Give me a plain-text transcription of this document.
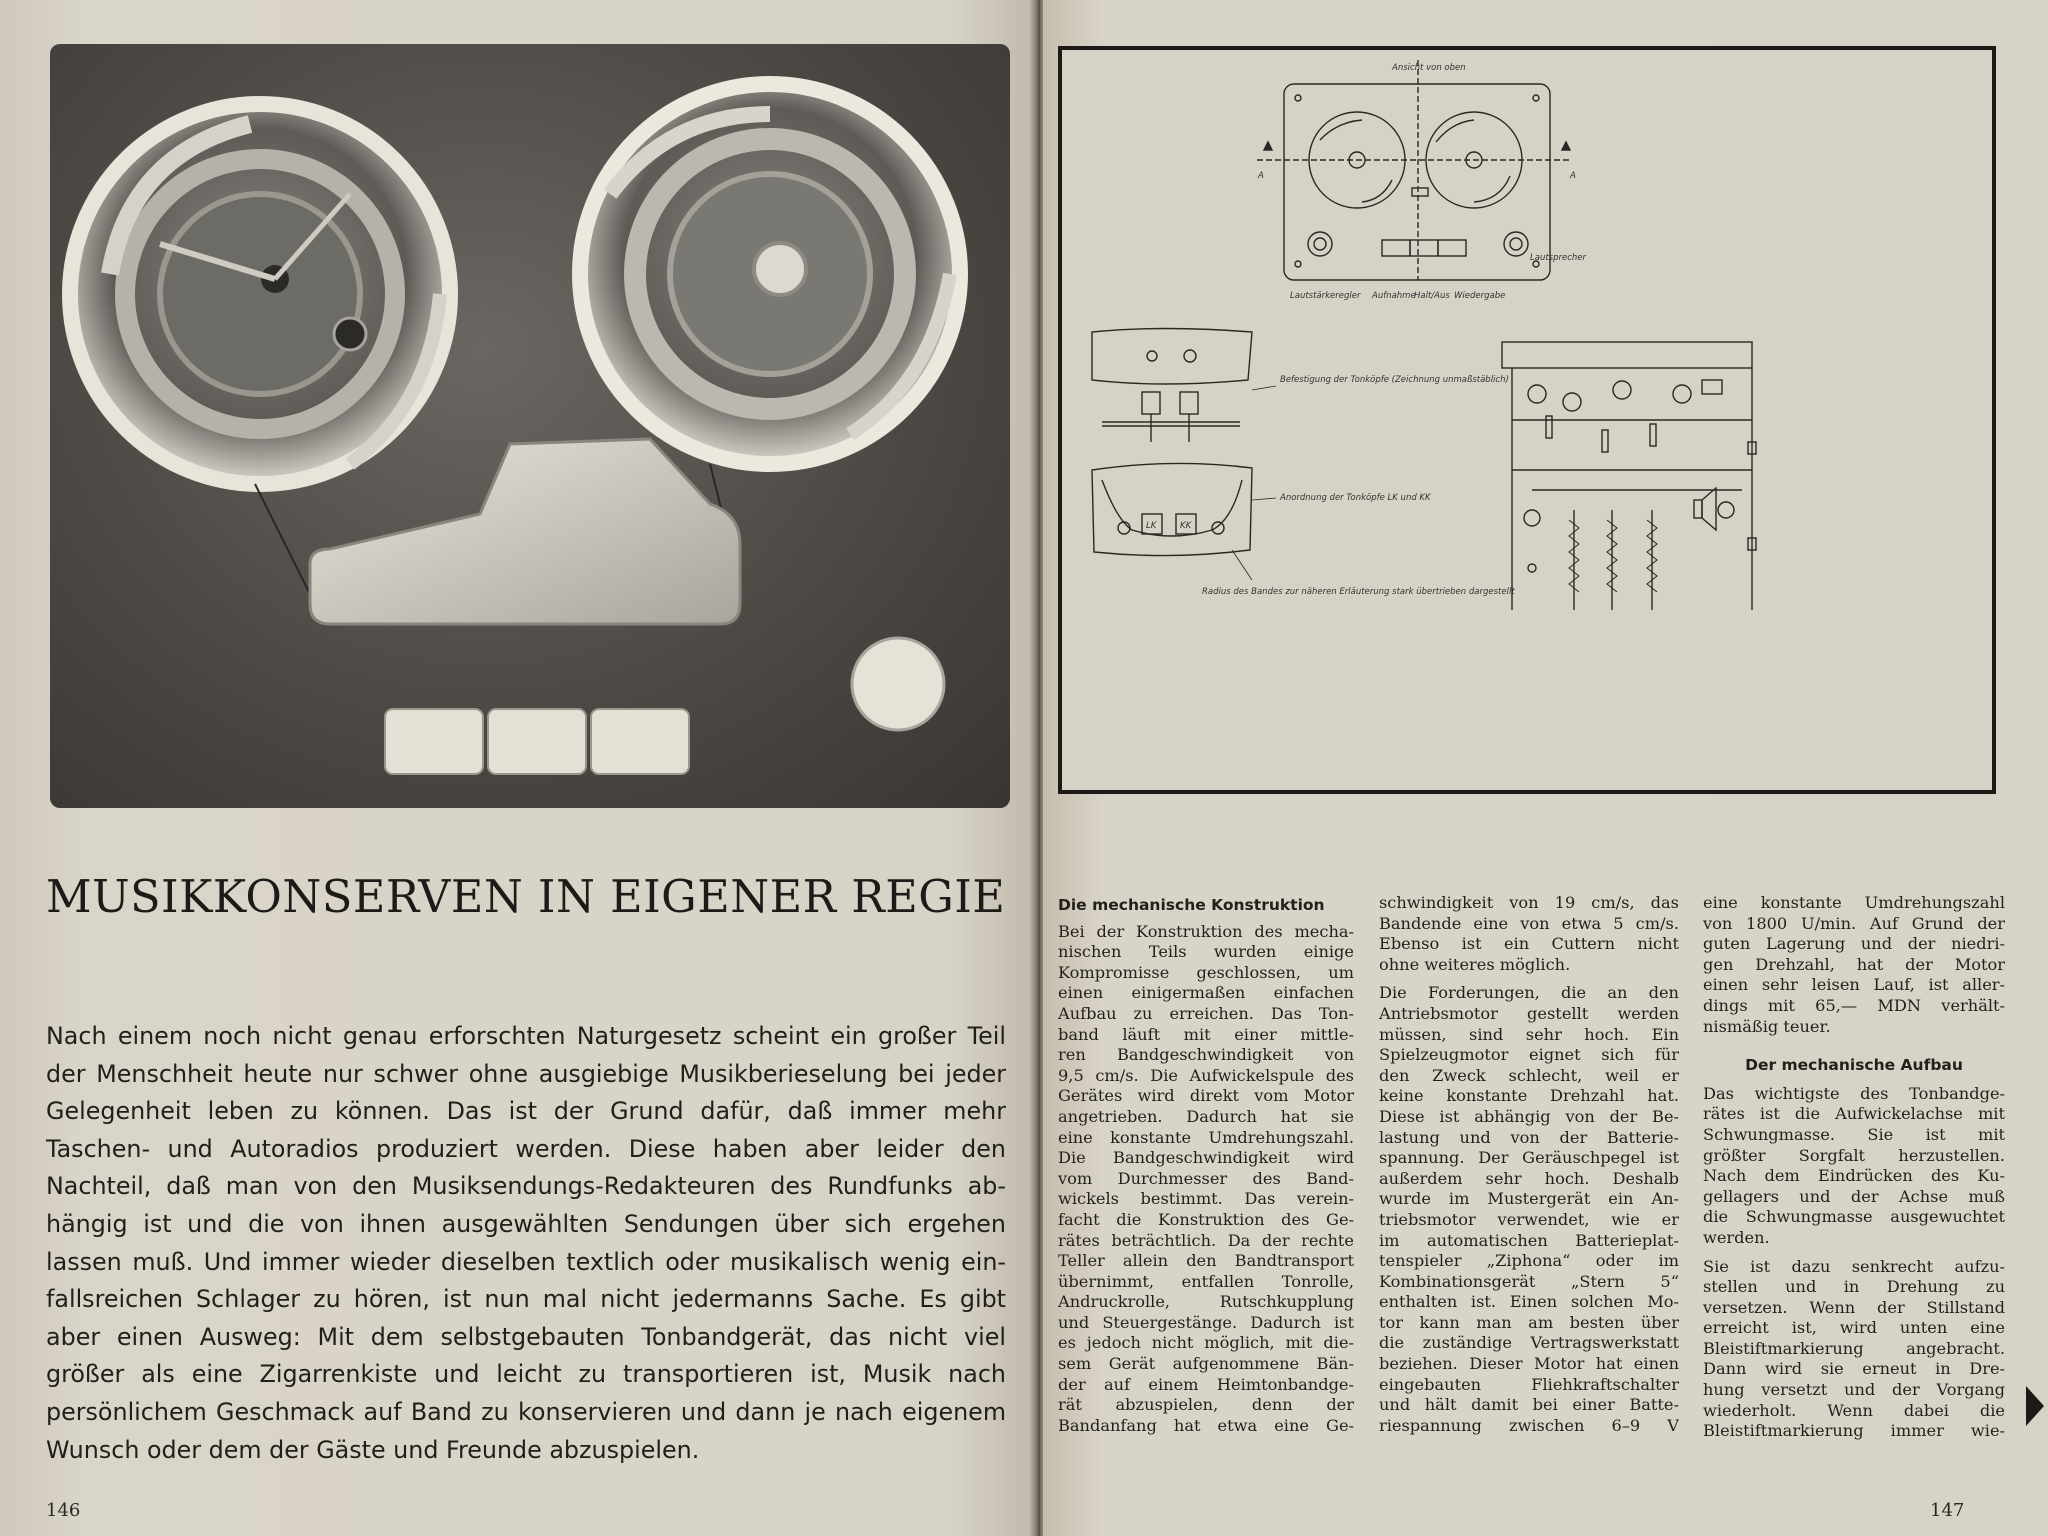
MUSIKKONSERVEN IN EIGENER REGIE
Nach einem noch nicht genau erforschten Naturgesetz scheint ein großer Teil
der Menschheit heute nur schwer ohne ausgiebige Musikberieselung bei jeder
Gelegenheit leben zu können. Das ist der Grund dafür, daß immer mehr
Taschen- und Autoradios produziert werden. Diese haben aber leider den
Nachteil, daß man von den Musiksendungs-Redakteuren des Rundfunks ab-
hängig ist und die von ihnen ausgewählten Sendungen über sich ergehen
lassen muß. Und immer wieder dieselben textlich oder musikalisch wenig ein-
fallsreichen Schlager zu hören, ist nun mal nicht jedermanns Sache. Es gibt
aber einen Ausweg: Mit dem selbstgebauten Tonbandgerät, das nicht viel
größer als eine Zigarrenkiste und leicht zu transportieren ist, Musik nach
persönlichem Geschmack auf Band zu konservieren und dann je nach eigenem
Wunsch oder dem der Gäste und Freunde abzuspielen.
146
Ansicht von oben
A	A
Lautstärkeregler Aufnahme
Halt/Aus Wiedergabe
Lautsprecher
Befestigung der Tonköpfe (Zeichnung unmaßstäblich)
LK	KK
Anordnung der Tonköpfe LK und KK
Radius des Bandes zur näheren Erläuterung stark übertrieben dargestellt
Die mechanische Konstruktion
Bei der Konstruktion des mecha-
nischen Teils wurden einige
Kompromisse geschlossen, um
einen einigermaßen einfachen
Aufbau zu erreichen. Das Ton-
band läuft mit einer mittle-
ren Bandgeschwindigkeit von
9,5 cm/s. Die Aufwickelspule des
Gerätes wird direkt vom Motor
angetrieben. Dadurch hat sie
eine konstante Umdrehungszahl.
Die Bandgeschwindigkeit wird
vom Durchmesser des Band-
wickels bestimmt. Das verein-
facht die Konstruktion des Ge-
rätes beträchtlich. Da der rechte
Teller allein den Bandtransport
übernimmt, entfallen Tonrolle,
Andruckrolle, Rutschkupplung
und Steuergestänge. Dadurch ist
es jedoch nicht möglich, mit die-
sem Gerät aufgenommene Bän-
der auf einem Heimtonbandge-
rät abzuspielen, denn der
Bandanfang hat etwa eine Ge-
schwindigkeit von 19 cm/s, das
Bandende eine von etwa 5 cm/s.
Ebenso ist ein Cuttern nicht
ohne weiteres möglich.
Die Forderungen, die an den
Antriebsmotor gestellt werden
müssen, sind sehr hoch. Ein
Spielzeugmotor eignet sich für
den Zweck schlecht, weil er
keine konstante Drehzahl hat.
Diese ist abhängig von der Be-
lastung und von der Batterie-
spannung. Der Geräuschpegel ist
außerdem sehr hoch. Deshalb
wurde im Mustergerät ein An-
triebsmotor verwendet, wie er
im automatischen Batterieplat-
tenspieler „Ziphona“ oder im
Kombinationsgerät „Stern 5“
enthalten ist. Einen solchen Mo-
tor kann man am besten über
die zuständige Vertragswerkstatt
beziehen. Dieser Motor hat einen
eingebauten Fliehkraftschalter
und hält damit bei einer Batte-
riespannung zwischen 6–9 V
eine konstante Umdrehungszahl
von 1800 U/min. Auf Grund der
guten Lagerung und der niedri-
gen Drehzahl, hat der Motor
einen sehr leisen Lauf, ist aller-
dings mit 65,— MDN verhält-
nismäßig teuer.
Der mechanische Aufbau
Das wichtigste des Tonbandge-
rätes ist die Aufwickelachse mit
Schwungmasse. Sie ist mit
größter Sorgfalt herzustellen.
Nach dem Eindrücken des Ku-
gellagers und der Achse muß
die Schwungmasse ausgewuchtet
werden.
Sie ist dazu senkrecht aufzu-
stellen und in Drehung zu
versetzen. Wenn der Stillstand
erreicht ist, wird unten eine
Bleistiftmarkierung angebracht.
Dann wird sie erneut in Dre-
hung versetzt und der Vorgang
wiederholt. Wenn dabei die
Bleistiftmarkierung immer wie-
147
